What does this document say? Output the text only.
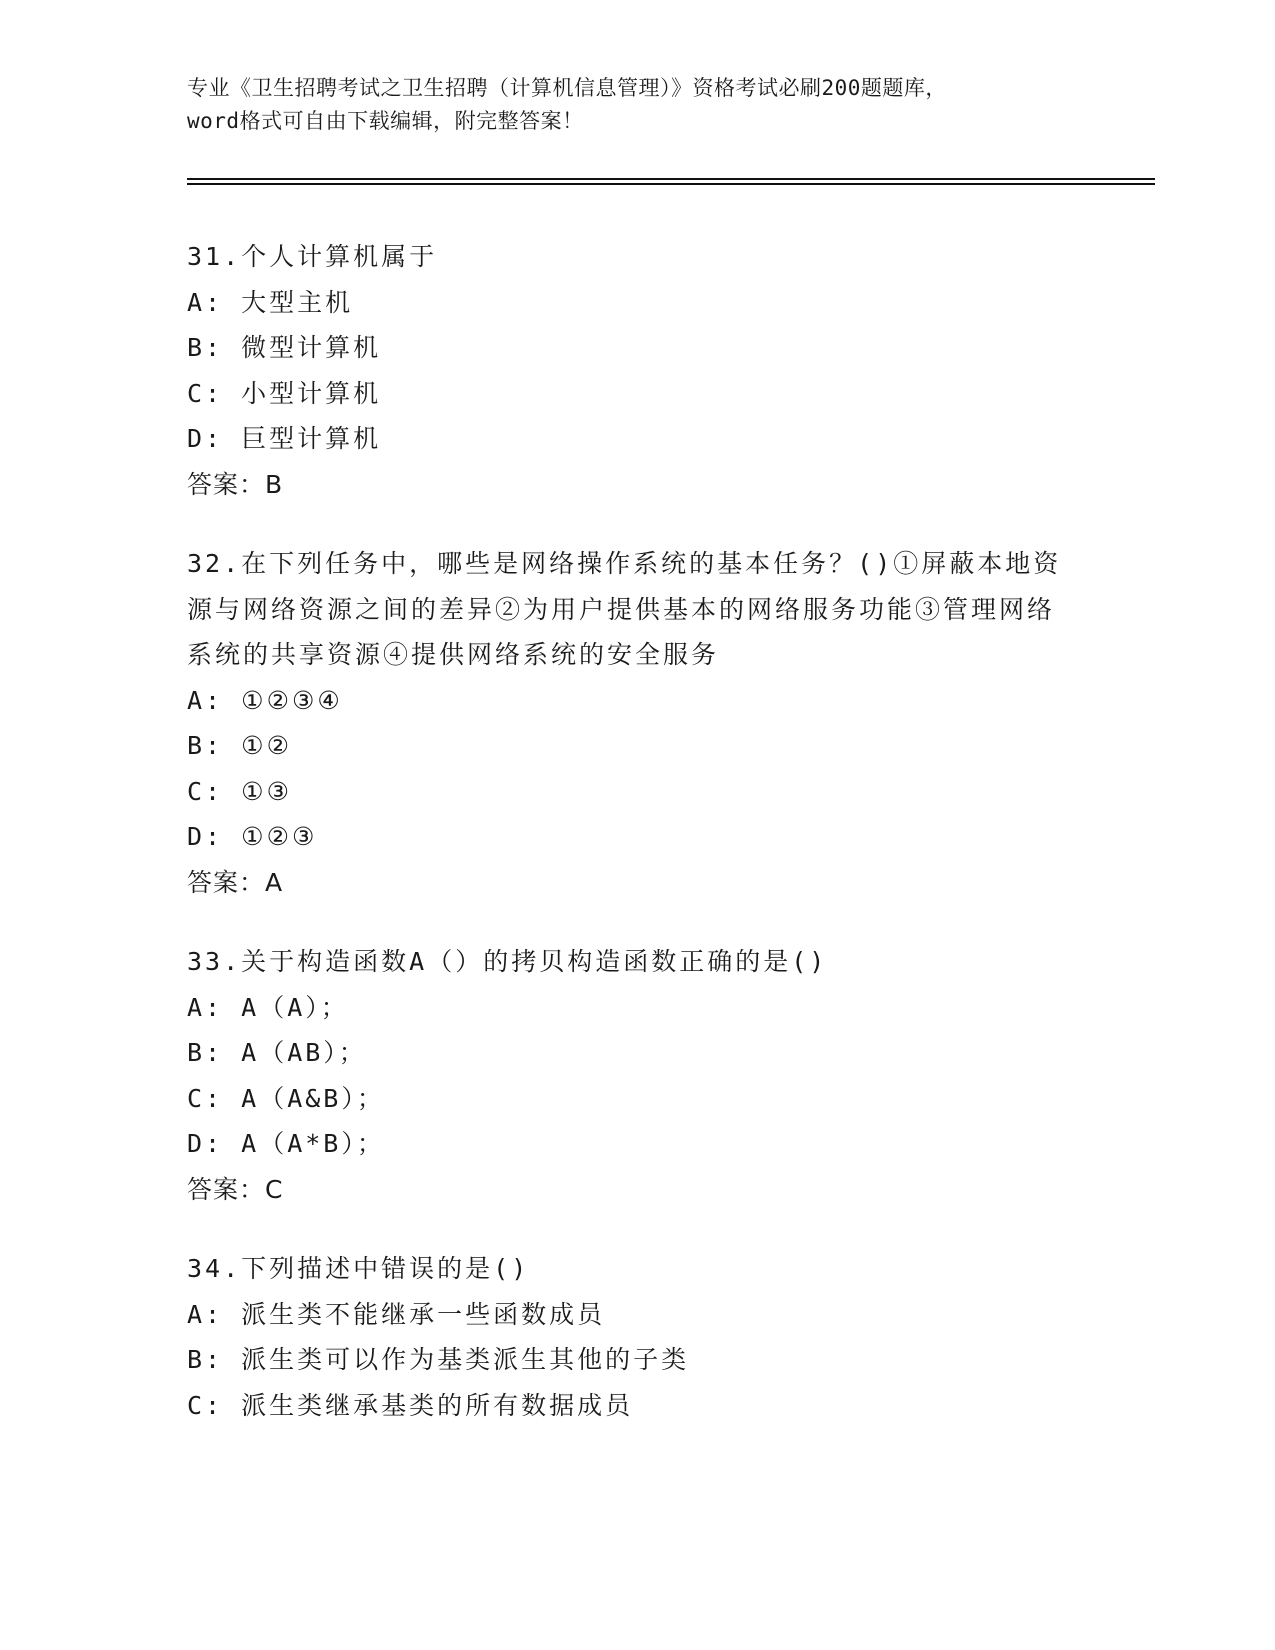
专业《卫生招聘考试之卫生招聘（计算机信息管理）》资格考试必刷200题题库，
word格式可自由下载编辑，附完整答案！
31.个人计算机属于
A: 大型主机
B: 微型计算机
C: 小型计算机
D: 巨型计算机
答案：B
32.在下列任务中，哪些是网络操作系统的基本任务？()①屏蔽本地资源与网络资源之间的差异②为用户提供基本的网络服务功能③管理网络系统的共享资源④提供网络系统的安全服务
A: ①②③④
B: ①②
C: ①③
D: ①②③
答案：A
33.关于构造函数A（）的拷贝构造函数正确的是()
A: A（A）；
B: A（AB）；
C: A（A&B）；
D: A（A*B）；
答案：C
34.下列描述中错误的是()
A: 派生类不能继承一些函数成员
B: 派生类可以作为基类派生其他的子类
C: 派生类继承基类的所有数据成员
